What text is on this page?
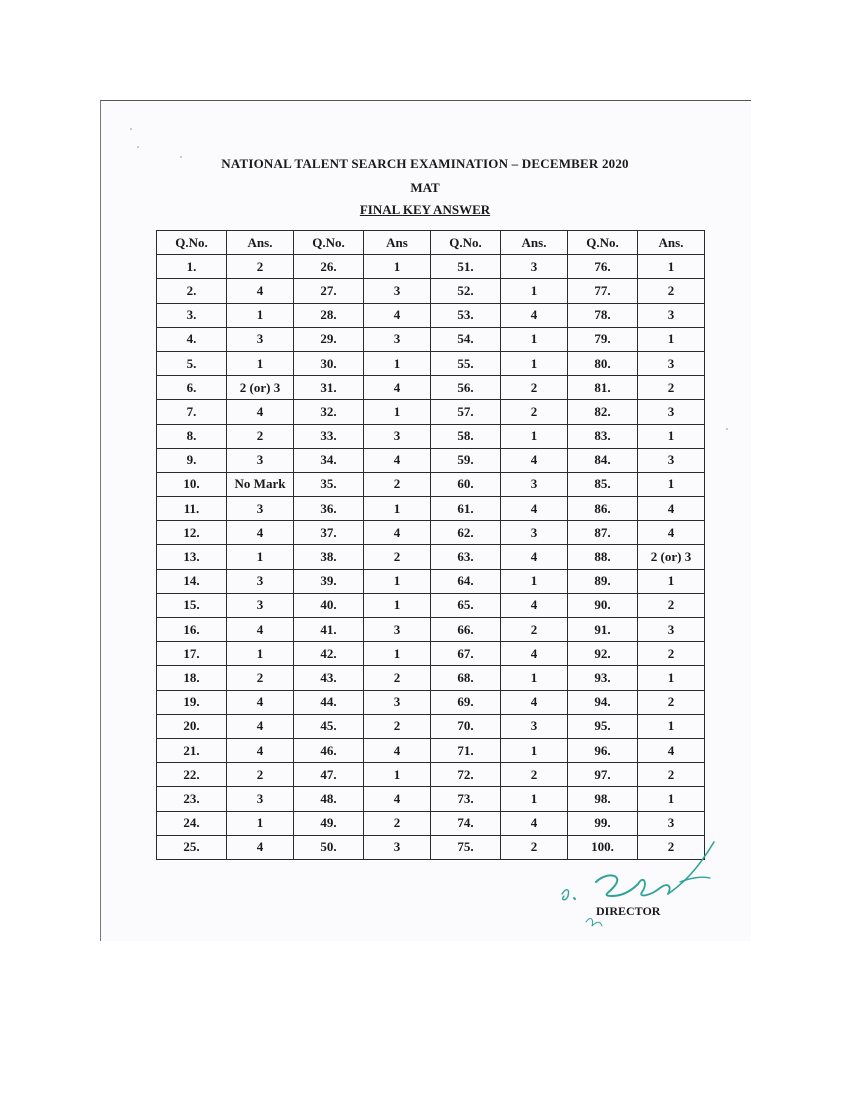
NATIONAL TALENT SEARCH EXAMINATION – DECEMBER 2020
MAT
FINAL KEY ANSWER
Q.No.	Ans.	Q.No.	Ans	Q.No.	Ans.	Q.No.	Ans.
1.	2	26.	1	51.	3	76.	1
2.	4	27.	3	52.	1	77.	2
3.	1	28.	4	53.	4	78.	3
4.	3	29.	3	54.	1	79.	1
5.	1	30.	1	55.	1	80.	3
6.	2 (or) 3	31.	4	56.	2	81.	2
7.	4	32.	1	57.	2	82.	3
8.	2	33.	3	58.	1	83.	1
9.	3	34.	4	59.	4	84.	3
10.	No Mark	35.	2	60.	3	85.	1
11.	3	36.	1	61.	4	86.	4
12.	4	37.	4	62.	3	87.	4
13.	1	38.	2	63.	4	88.	2 (or) 3
14.	3	39.	1	64.	1	89.	1
15.	3	40.	1	65.	4	90.	2
16.	4	41.	3	66.	2	91.	3
17.	1	42.	1	67.	4	92.	2
18.	2	43.	2	68.	1	93.	1
19.	4	44.	3	69.	4	94.	2
20.	4	45.	2	70.	3	95.	1
21.	4	46.	4	71.	1	96.	4
22.	2	47.	1	72.	2	97.	2
23.	3	48.	4	73.	1	98.	1
24.	1	49.	2	74.	4	99.	3
25.	4	50.	3	75.	2	100.	2

DIRECTOR
